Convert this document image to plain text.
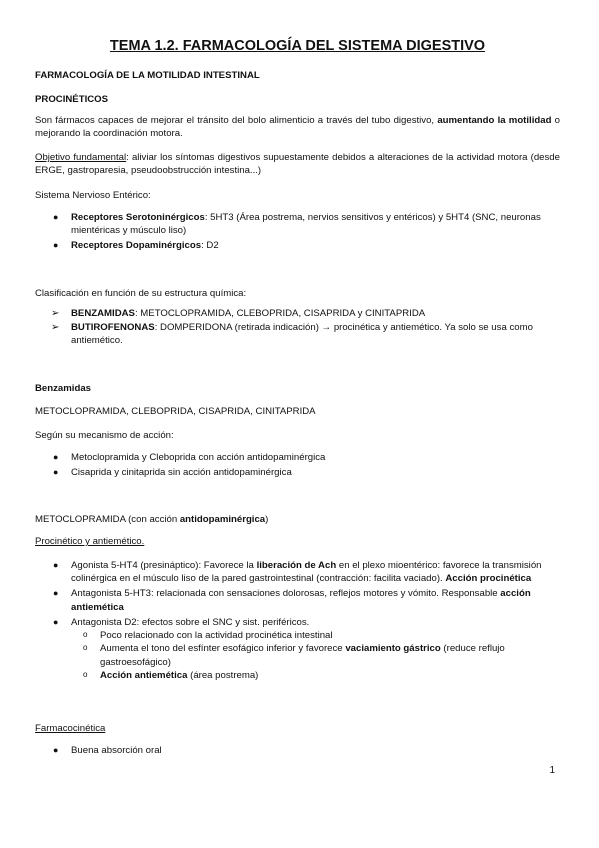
TEMA 1.2. FARMACOLOGÍA DEL SISTEMA DIGESTIVO
FARMACOLOGÍA DE LA MOTILIDAD INTESTINAL
PROCINÉTICOS

Son fármacos capaces de mejorar el tránsito del bolo alimenticio a través del tubo digestivo, aumentando la motilidad o mejorando la coordinación motora.

Objetivo fundamental: aliviar los síntomas digestivos supuestamente debidos a alteraciones de la actividad motora (desde ERGE, gastroparesia, pseudoobstrucción intestina...)

Sistema Nervioso Entérico:
● Receptores Serotoninérgicos: 5HT3 (Área postrema, nervios sensitivos y entéricos) y 5HT4 (SNC, neuronas mientéricas y músculo liso)
● Receptores Dopaminérgicos: D2
Clasificación en función de su estructura química:
➢ BENZAMIDAS: METOCLOPRAMIDA, CLEBOPRIDA, CISAPRIDA y CINITAPRIDA
➢ BUTIROFENONAS: DOMPERIDONA (retirada indicación) → procinética y antiemético. Ya solo se usa como antiemético.
Benzamidas
METOCLOPRAMIDA, CLEBOPRIDA, CISAPRIDA, CINITAPRIDA
Según su mecanismo de acción:
● Metoclopramida y Cleboprida con acción antidopaminérgica
● Cisaprida y cinitaprida sin acción antidopaminérgica
METOCLOPRAMIDA (con acción antidopaminérgica)
Procinético y antiemético.
● Agonista 5-HT4 (presináptico): Favorece la liberación de Ach en el plexo mioentérico: favorece la transmisión colinérgica en el músculo liso de la pared gastrointestinal (contracción: facilita vaciado). Acción procinética
● Antagonista 5-HT3: relacionada con sensaciones dolorosas, reflejos motores y vómito. Responsable acción antiemética
● Antagonista D2: efectos sobre el SNC y sist. periféricos.
o Poco relacionado con la actividad procinética intestinal
o Aumenta el tono del esfínter esofágico inferior y favorece vaciamiento gástrico (reduce reflujo gastroesofágico)
o Acción antiemética (área postrema)
Farmacocinética
● Buena absorción oral
1
